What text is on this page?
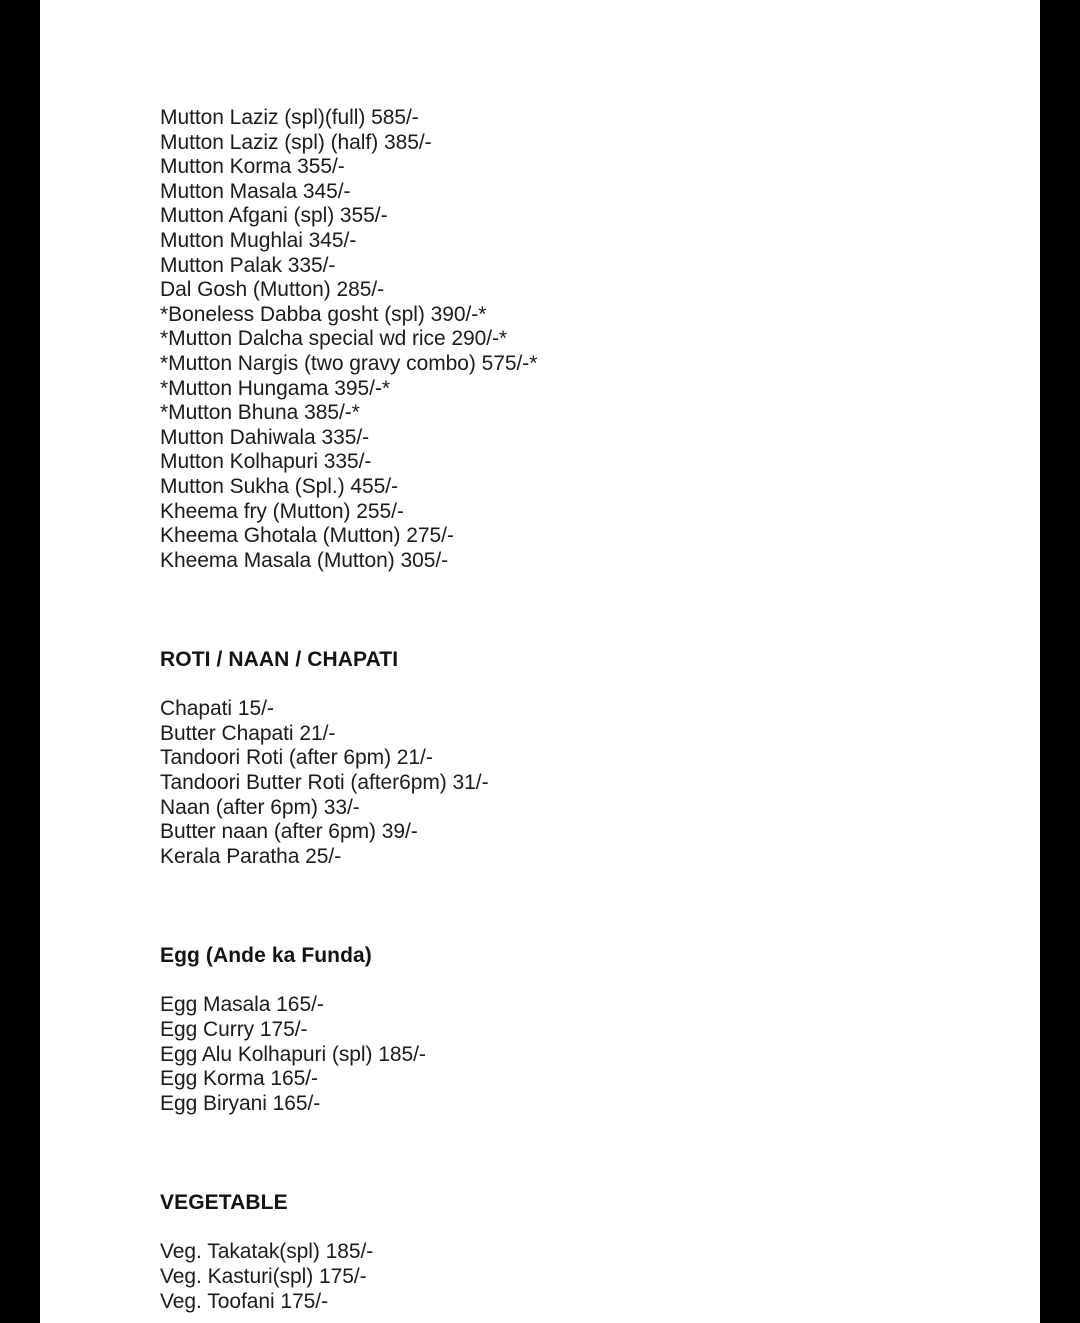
Mutton Laziz (spl)(full) 585/-
Mutton Laziz (spl) (half) 385/-
Mutton Korma 355/-
Mutton Masala 345/-
Mutton Afgani (spl) 355/-
Mutton Mughlai 345/-
Mutton Palak 335/-
Dal Gosh (Mutton) 285/-
*Boneless Dabba gosht (spl) 390/-*
*Mutton Dalcha special wd rice 290/-*
*Mutton Nargis (two gravy combo) 575/-*
*Mutton Hungama 395/-*
*Mutton Bhuna 385/-*
Mutton Dahiwala 335/-
Mutton Kolhapuri 335/-
Mutton Sukha (Spl.) 455/-
Kheema fry (Mutton) 255/-
Kheema Ghotala (Mutton) 275/-
Kheema Masala (Mutton) 305/-
ROTI / NAAN / CHAPATI
Chapati 15/-
Butter Chapati 21/-
Tandoori Roti (after 6pm) 21/-
Tandoori Butter Roti (after6pm) 31/-
Naan (after 6pm) 33/-
Butter naan (after 6pm) 39/-
Kerala Paratha 25/-
Egg (Ande ka Funda)
Egg Masala 165/-
Egg Curry 175/-
Egg Alu Kolhapuri (spl) 185/-
Egg Korma 165/-
Egg Biryani 165/-
VEGETABLE
Veg. Takatak(spl) 185/-
Veg. Kasturi(spl) 175/-
Veg. Toofani 175/-
